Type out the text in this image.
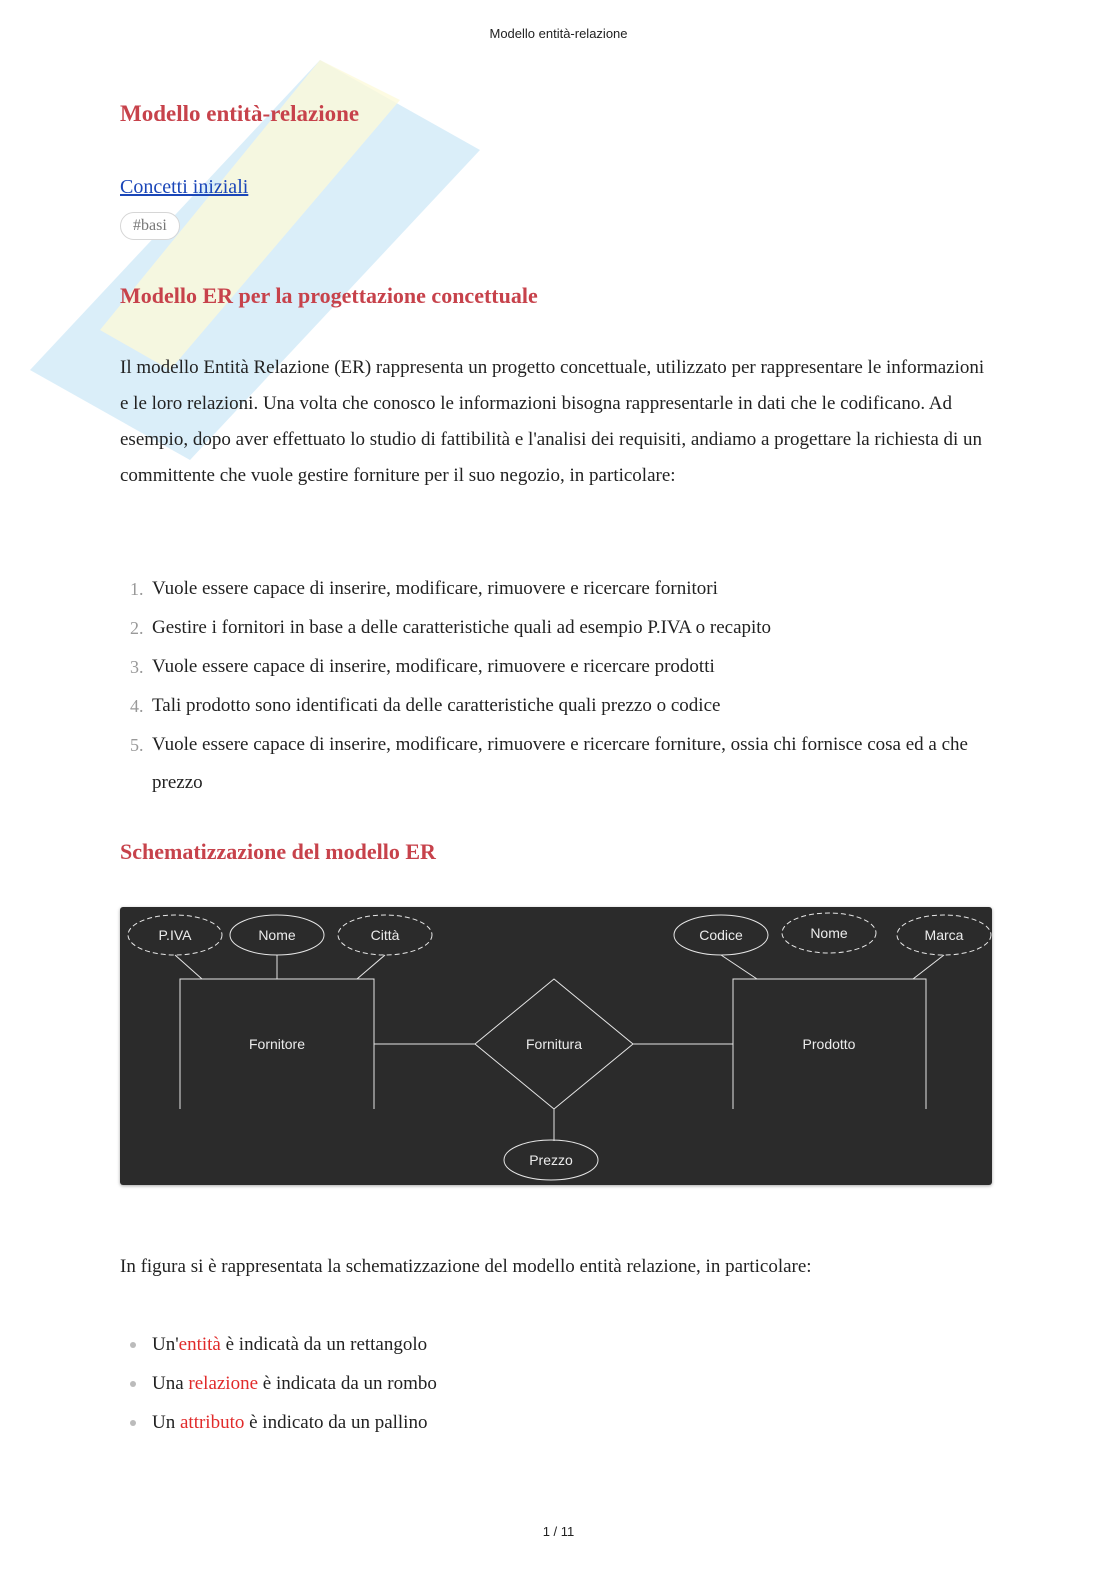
Modello entità-relazione
Modello entità-relazione
Concetti iniziali
#basi
Modello ER per la progettazione concettuale

Il modello Entità Relazione (ER) rappresenta un progetto concettuale, utilizzato per rappresentare le informazioni e le loro relazioni. Una volta che conosco le informazioni bisogna rappresentarle in dati che le codificano. Ad esempio, dopo aver effettuato lo studio di fattibilità e l'analisi dei requisiti, andiamo a progettare la richiesta di un committente che vuole gestire forniture per il suo negozio, in particolare:

1. Vuole essere capace di inserire, modificare, rimuovere e ricercare fornitori
2. Gestire i fornitori in base a delle caratteristiche quali ad esempio P.IVA o recapito
3. Vuole essere capace di inserire, modificare, rimuovere e ricercare prodotti
4. Tali prodotto sono identificati da delle caratteristiche quali prezzo o codice
5. Vuole essere capace di inserire, modificare, rimuovere e ricercare forniture, ossia chi fornisce cosa ed a che prezzo
Schematizzazione del modello ER
P.IVA	Nome	Città	Codice	Nome	Marca
Fornitore	Prodotto
Fornitura
Prezzo

In figura si è rappresentata la schematizzazione del modello entità relazione, in particolare:

Un'entità è indicatà da un rettangolo
Una relazione è indicata da un rombo
Un attributo è indicato da un pallino
1 / 11
